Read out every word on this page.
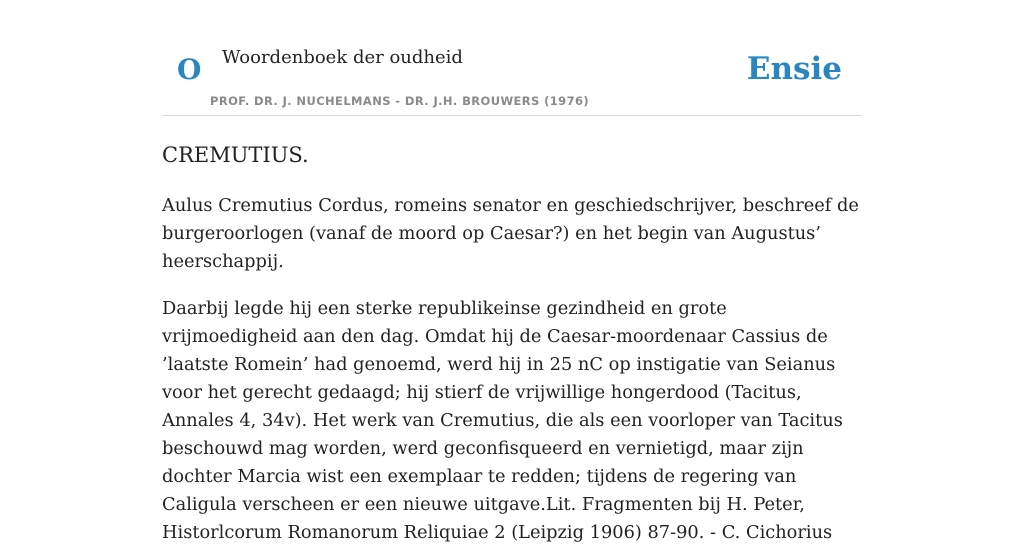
O Woordenboek der oudheid
PROF. DR. J. NUCHELMANS - DR. J.H. BROUWERS (1976)
Ensie
CREMUTIUS.

Aulus Cremutius Cordus, romeins senator en geschiedschrijver, beschreef de burgeroorlogen (vanaf de moord op Caesar?) en het begin van Augustus’ heerschappij.

Daarbij legde hij een sterke republikeinse gezindheid en grote vrijmoedigheid aan den dag. Omdat hij de Caesar-moordenaar Cassius de ’laatste Romein’ had genoemd, werd hij in 25 nC op instigatie van Seianus voor het gerecht gedaagd; hij stierf de vrijwillige hongerdood (Tacitus, Annales 4, 34v). Het werk van Cremutius, die als een voorloper van Tacitus beschouwd mag worden, werd geconfisqueerd en vernietigd, maar zijn dochter Marcia wist een exemplaar te redden; tijdens de regering van Caligula verscheen er een nieuwe uitgave.Lit. Fragmenten bij H. Peter, Historlcorum Romanorum Reliquiae 2 (Leipzig 1906) 87-90. - C. Cichorius
